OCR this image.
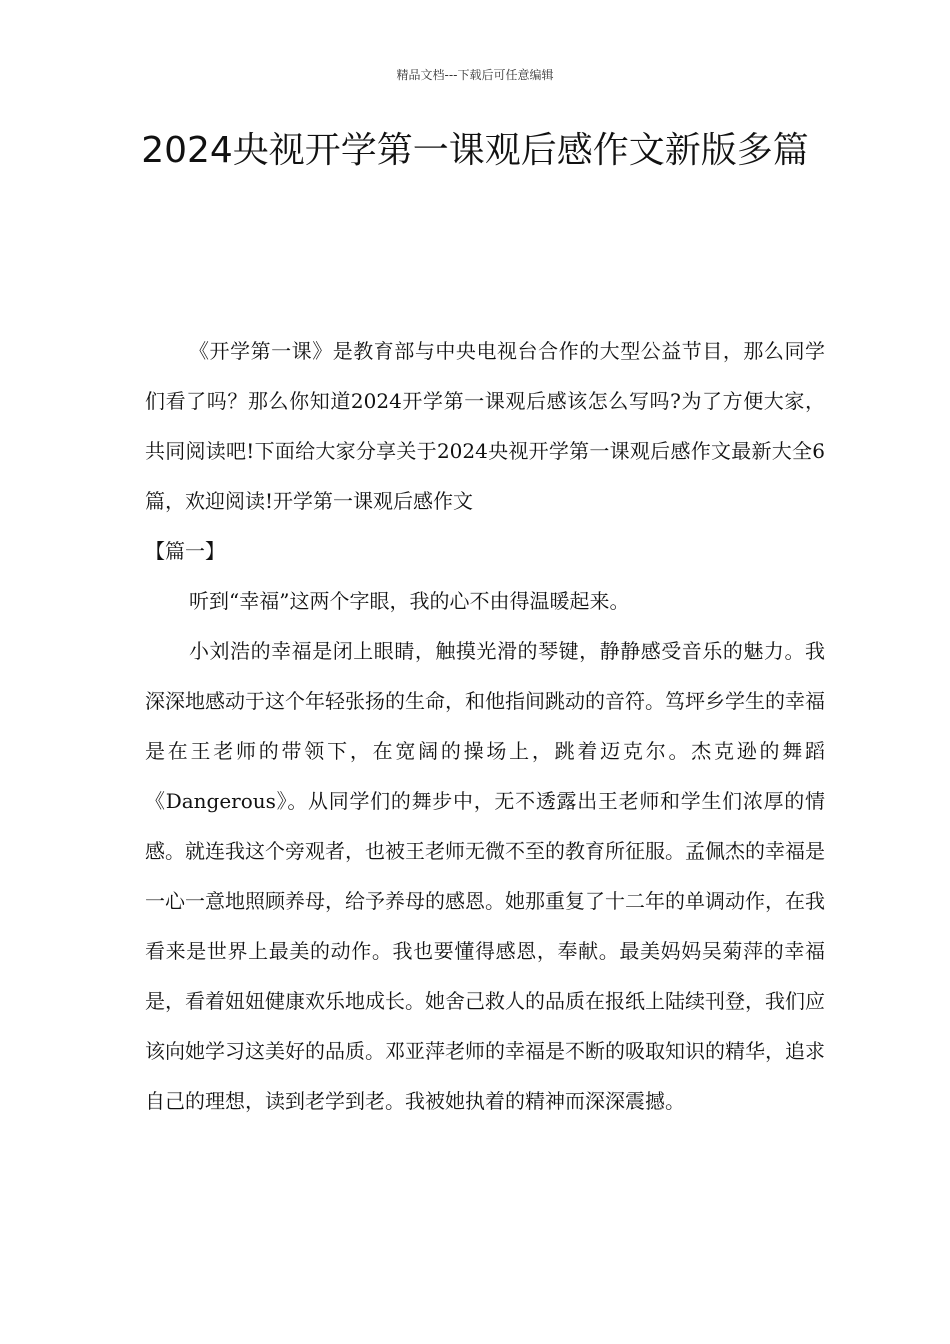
精品文档---下载后可任意编辑
2024央视开学第一课观后感作文新版多篇

《开学第一课》是教育部与中央电视台合作的大型公益节目，那么同学们看了吗？那么你知道2024开学第一课观后感该怎么写吗?为了方便大家，共同阅读吧!下面给大家分享关于2024央视开学第一课观后感作文最新大全6篇，欢迎阅读!开学第一课观后感作文

【篇一】

听到“幸福”这两个字眼，我的心不由得温暖起来。

小刘浩的幸福是闭上眼睛，触摸光滑的琴键，静静感受音乐的魅力。我深深地感动于这个年轻张扬的生命，和他指间跳动的音符。笃坪乡学生的幸福是在王老师的带领下，在宽阔的操场上，跳着迈克尔。杰克逊的舞蹈《Dangerous》。从同学们的舞步中，无不透露出王老师和学生们浓厚的情感。就连我这个旁观者，也被王老师无微不至的教育所征服。孟佩杰的幸福是一心一意地照顾养母，给予养母的感恩。她那重复了十二年的单调动作，在我看来是世界上最美的动作。我也要懂得感恩，奉献。最美妈妈吴菊萍的幸福是，看着妞妞健康欢乐地成长。她舍己救人的品质在报纸上陆续刊登，我们应该向她学习这美好的品质。邓亚萍老师的幸福是不断的吸取知识的精华，追求自己的理想，读到老学到老。我被她执着的精神而深深震撼。
